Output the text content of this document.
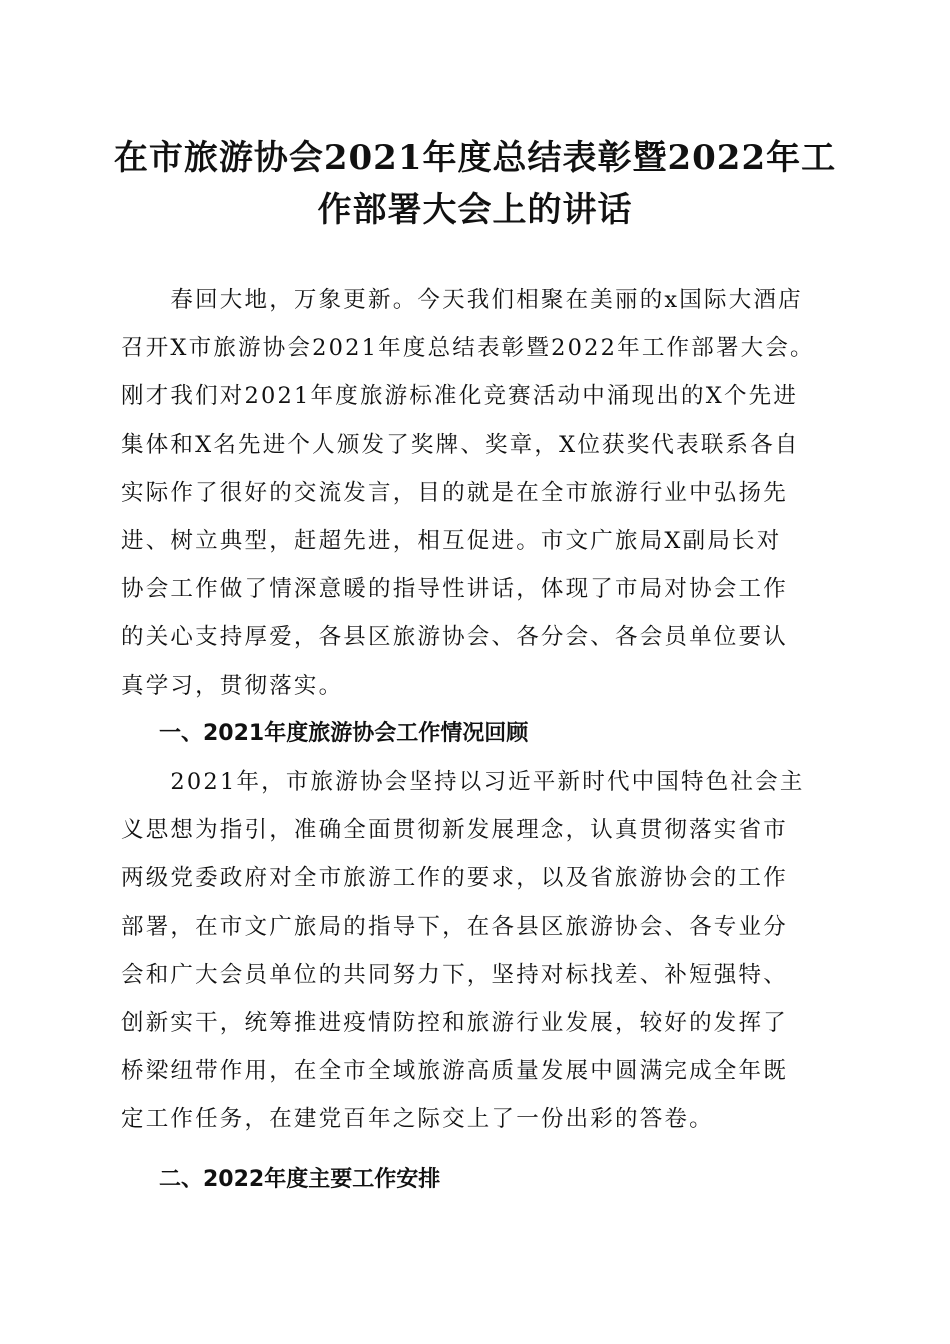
在市旅游协会2021年度总结表彰暨2022年工
作部署大会上的讲话

　　春回大地，万象更新。今天我们相聚在美丽的x国际大酒店
召开X市旅游协会2021年度总结表彰暨2022年工作部署大会。
刚才我们对2021年度旅游标准化竞赛活动中涌现出的X个先进
集体和X名先进个人颁发了奖牌、奖章，X位获奖代表联系各自
实际作了很好的交流发言，目的就是在全市旅游行业中弘扬先
进、树立典型，赶超先进，相互促进。市文广旅局X副局长对
协会工作做了情深意暖的指导性讲话，体现了市局对协会工作
的关心支持厚爱，各县区旅游协会、各分会、各会员单位要认
真学习，贯彻落实。

一、2021年度旅游协会工作情况回顾

　　2021年，市旅游协会坚持以习近平新时代中国特色社会主
义思想为指引，准确全面贯彻新发展理念，认真贯彻落实省市
两级党委政府对全市旅游工作的要求，以及省旅游协会的工作
部署，在市文广旅局的指导下，在各县区旅游协会、各专业分
会和广大会员单位的共同努力下，坚持对标找差、补短强特、
创新实干，统筹推进疫情防控和旅游行业发展，较好的发挥了
桥梁纽带作用，在全市全域旅游高质量发展中圆满完成全年既
定工作任务，在建党百年之际交上了一份出彩的答卷。

二、2022年度主要工作安排
